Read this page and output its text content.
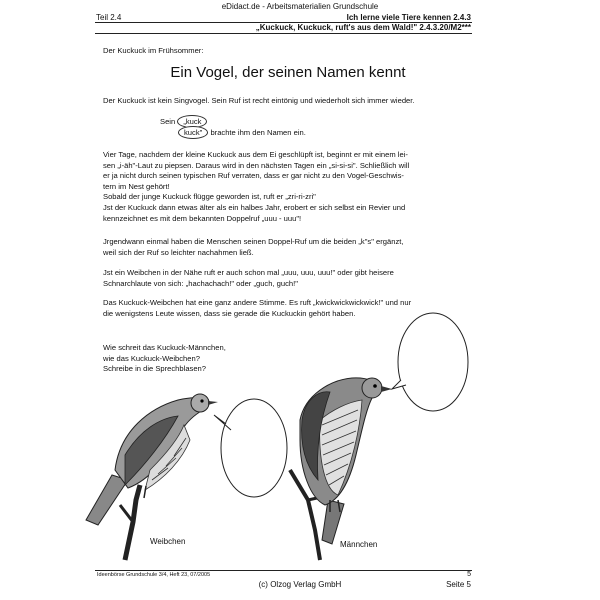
eDidact.de - Arbeitsmaterialien Grundschule
Teil 2.4	Ich lerne viele Tiere kennen 2.4.3
„Kuckuck, Kuckuck, ruft's aus dem Wald!" 2.4.3.20/M2***
Der Kuckuck im Frühsommer:
Ein Vogel, der seinen Namen kennt
Der Kuckuck ist kein Singvogel. Sein Ruf ist recht eintönig und wiederholt sich immer wieder.
Sein „kuck
kuck" brachte ihm den Namen ein.
Vier Tage, nachdem der kleine Kuckuck aus dem Ei geschlüpft ist, beginnt er mit einem lei-
sen „i-äh"-Laut zu piepsen. Daraus wird in den nächsten Tagen ein „si-si-si". Schließlich will
er ja nicht durch seinen typischen Ruf verraten, dass er gar nicht zu den Vogel-Geschwis-
tern im Nest gehört!
Sobald der junge Kuckuck flügge geworden ist, ruft er „zri-ri-zri"
Jst der Kuckuck dann etwas älter als ein halbes Jahr, erobert er sich selbst ein Revier und
kennzeichnet es mit dem bekannten Doppelruf „uuu - uuu"!
Jrgendwann einmal haben die Menschen seinen Doppel-Ruf um die beiden „k"s" ergänzt,
weil sich der Ruf so leichter nachahmen ließ.
Jst ein Weibchen in der Nähe ruft er auch schon mal „uuu, uuu, uuu!" oder gibt heisere
Schnarchlaute von sich: „hachachach!" oder „guch, guch!"
Das Kuckuck-Weibchen hat eine ganz andere Stimme. Es ruft „kwickwickwickwick!" und nur
die wenigstens Leute wissen, dass sie gerade die Kuckuckin gehört haben.
Wie schreit das Kuckuck-Männchen,
wie das Kuckuck-Weibchen?
Schreibe in die Sprechblasen?
Weibchen	Männchen
Ideenbörse Grundschule 3/4, Heft 23, 07/2005	5
(c) Olzog Verlag GmbH	Seite 5
